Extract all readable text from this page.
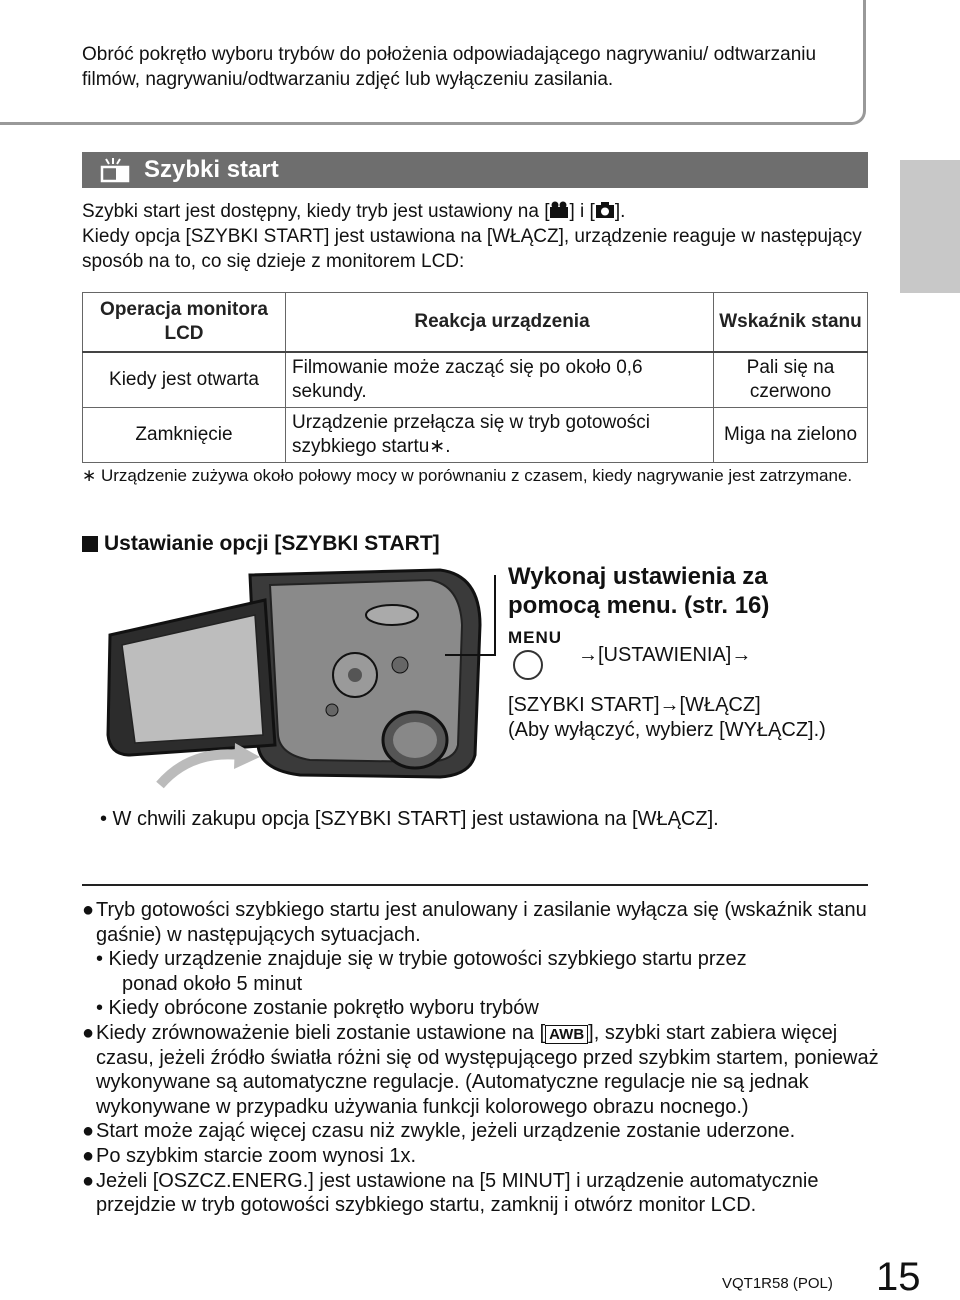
Obróć pokrętło wyboru trybów do położenia odpowiadającego nagrywaniu/ odtwarzaniu filmów, nagrywaniu/odtwarzaniu zdjęć lub wyłączeniu zasilania.
Szybki start
Szybki start jest dostępny, kiedy tryb jest ustawiony na [ ] i [ ].
Kiedy opcja [SZYBKI START] jest ustawiona na [WŁĄCZ], urządzenie reaguje w następujący sposób na to, co się dzieje z monitorem LCD:
Operacja monitora LCD	Reakcja urządzenia	Wskaźnik stanu
Kiedy jest otwarta	Filmowanie może zacząć się po około 0,6 sekundy.	Pali się na czerwono
Zamknięcie	Urządzenie przełącza się w tryb gotowości szybkiego startu∗.	Miga na zielono
∗ Urządzenie zużywa około połowy mocy w porównaniu z czasem, kiedy nagrywanie jest zatrzymane.
Ustawianie opcji [SZYBKI START]
Wykonaj ustawienia za
pomocą menu. (str. 16)
MENU
→[USTAWIENIA]→
[SZYBKI START]→[WŁĄCZ]
(Aby wyłączyć, wybierz [WYŁĄCZ].)
• W chwili zakupu opcja [SZYBKI START] jest ustawiona na [WŁĄCZ].
● Tryb gotowości szybkiego startu jest anulowany i zasilanie wyłącza się (wskaźnik stanu gaśnie) w następujących sytuacjach.
• Kiedy urządzenie znajduje się w trybie gotowości szybkiego startu przez
ponad około 5 minut
• Kiedy obrócone zostanie pokrętło wyboru trybów
● Kiedy zrównoważenie bieli zostanie ustawione na [ AWB ], szybki start zabiera więcej czasu, jeżeli źródło światła różni się od występującego przed szybkim startem, ponieważ wykonywane są automatyczne regulacje. (Automatyczne regulacje nie są jednak wykonywane w przypadku używania funkcji kolorowego obrazu nocnego.)
● Start może zająć więcej czasu niż zwykle, jeżeli urządzenie zostanie uderzone.
● Po szybkim starcie zoom wynosi 1x.
● Jeżeli [OSZCZ.ENERG.] jest ustawione na [5 MINUT] i urządzenie automatycznie przejdzie w tryb gotowości szybkiego startu, zamknij i otwórz monitor LCD.
VQT1R58 (POL) 15
